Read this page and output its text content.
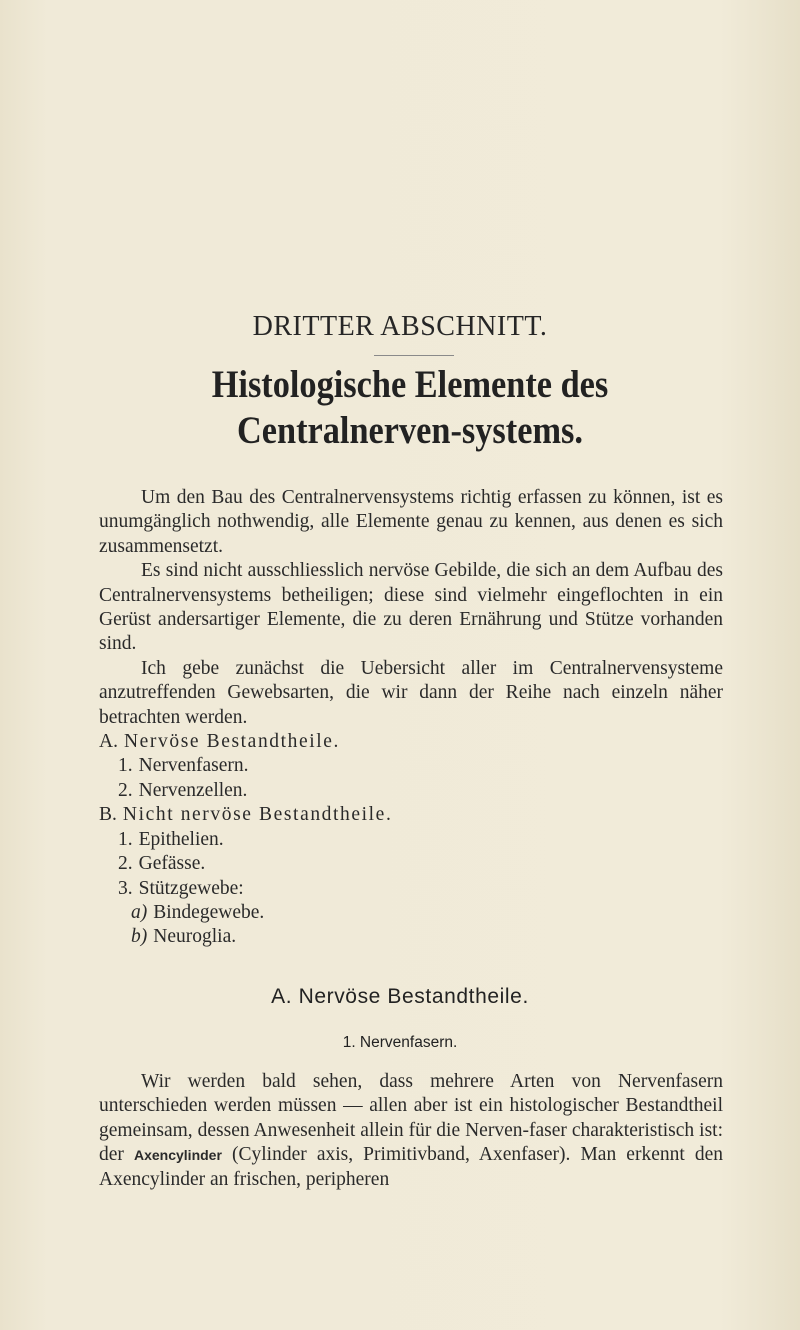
DRITTER ABSCHNITT.
Histologische Elemente des Centralnerven-systems.

Um den Bau des Centralnervensystems richtig erfassen zu können, ist es unumgänglich nothwendig, alle Elemente genau zu kennen, aus denen es sich zusammensetzt.

Es sind nicht ausschliesslich nervöse Gebilde, die sich an dem Aufbau des Centralnervensystems betheiligen; diese sind vielmehr eingeflochten in ein Gerüst andersartiger Elemente, die zu deren Ernährung und Stütze vorhanden sind.

Ich gebe zunächst die Uebersicht aller im Centralnervensysteme anzutreffenden Gewebsarten, die wir dann der Reihe nach einzeln näher betrachten werden.

A. Nervöse Bestandtheile.
1. Nervenfasern.
2. Nervenzellen.
B. Nicht nervöse Bestandtheile.
1. Epithelien.
2. Gefässe.
3. Stützgewebe:
a) Bindegewebe.
b) Neuroglia.
A. Nervöse Bestandtheile.
1. Nervenfasern.

Wir werden bald sehen, dass mehrere Arten von Nervenfasern unterschieden werden müssen — allen aber ist ein histologischer Bestandtheil gemeinsam, dessen Anwesenheit allein für die Nerven-faser charakteristisch ist: der Axencylinder (Cylinder axis, Primitivband, Axenfaser). Man erkennt den Axencylinder an frischen, peripheren
